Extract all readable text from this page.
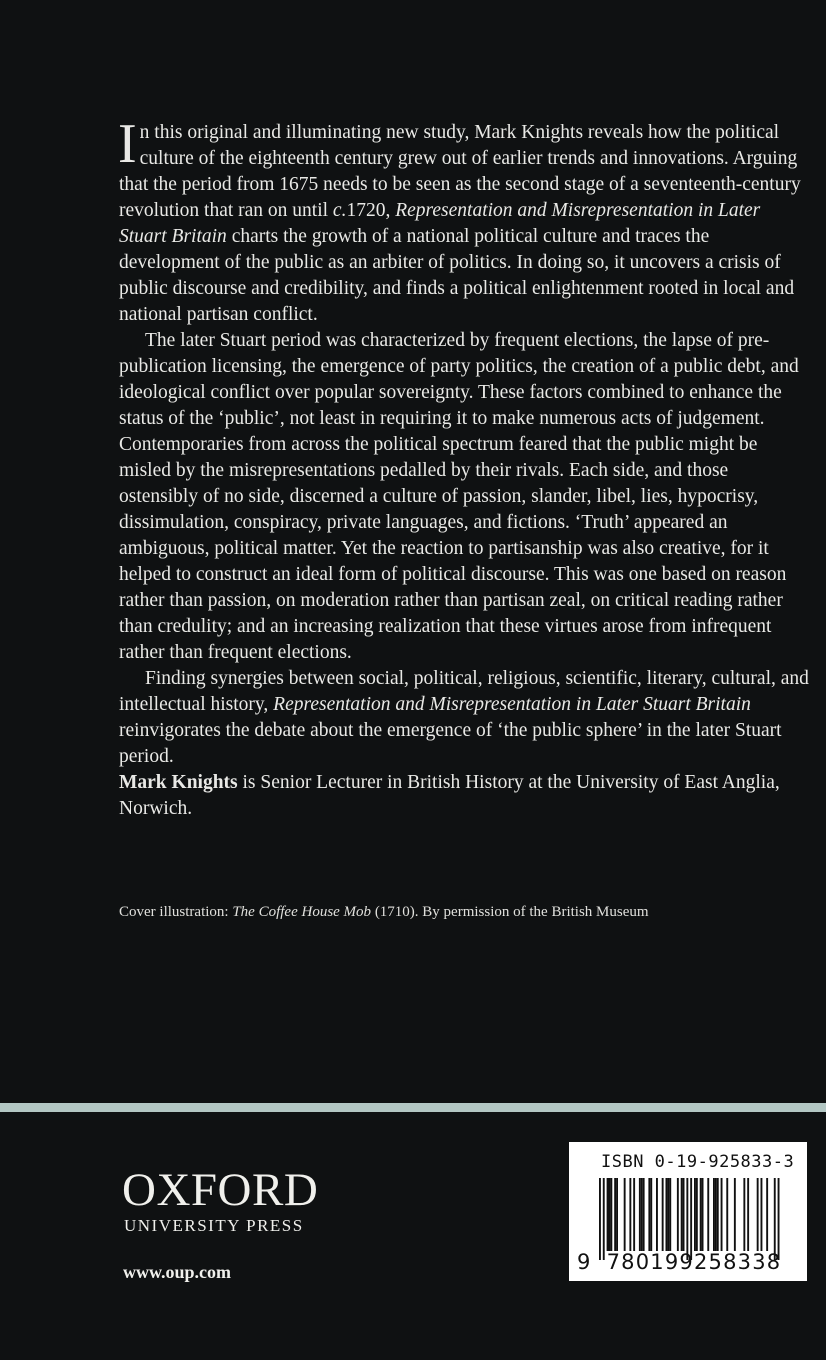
In this original and illuminating new study, Mark Knights reveals how the political culture of the eighteenth century grew out of earlier trends and innovations. Arguing that the period from 1675 needs to be seen as the second stage of a seventeenth-century revolution that ran on until c.1720, Representation and Misrepresentation in Later Stuart Britain charts the growth of a national political culture and traces the development of the public as an arbiter of politics. In doing so, it uncovers a crisis of public discourse and credibility, and finds a political enlightenment rooted in local and national partisan conflict.

The later Stuart period was characterized by frequent elections, the lapse of pre-publication licensing, the emergence of party politics, the creation of a public debt, and ideological conflict over popular sovereignty. These factors combined to enhance the status of the ‘public’, not least in requiring it to make numerous acts of judgement. Contemporaries from across the political spectrum feared that the public might be misled by the misrepresentations pedalled by their rivals. Each side, and those ostensibly of no side, discerned a culture of passion, slander, libel, lies, hypocrisy, dissimulation, conspiracy, private languages, and fictions. ‘Truth’ appeared an ambiguous, political matter. Yet the reaction to partisanship was also creative, for it helped to construct an ideal form of political discourse. This was one based on reason rather than passion, on moderation rather than partisan zeal, on critical reading rather than credulity; and an increasing realization that these virtues arose from infrequent rather than frequent elections.

Finding synergies between social, political, religious, scientific, literary, cultural, and intellectual history, Representation and Misrepresentation in Later Stuart Britain reinvigorates the debate about the emergence of ‘the public sphere’ in the later Stuart period.

Mark Knights is Senior Lecturer in British History at the University of East Anglia, Norwich.

Cover illustration: The Coffee House Mob (1710). By permission of the British Museum
OXFORD
UNIVERSITY PRESS
www.oup.com
ISBN 0-19-925833-3
9 780199 258338
